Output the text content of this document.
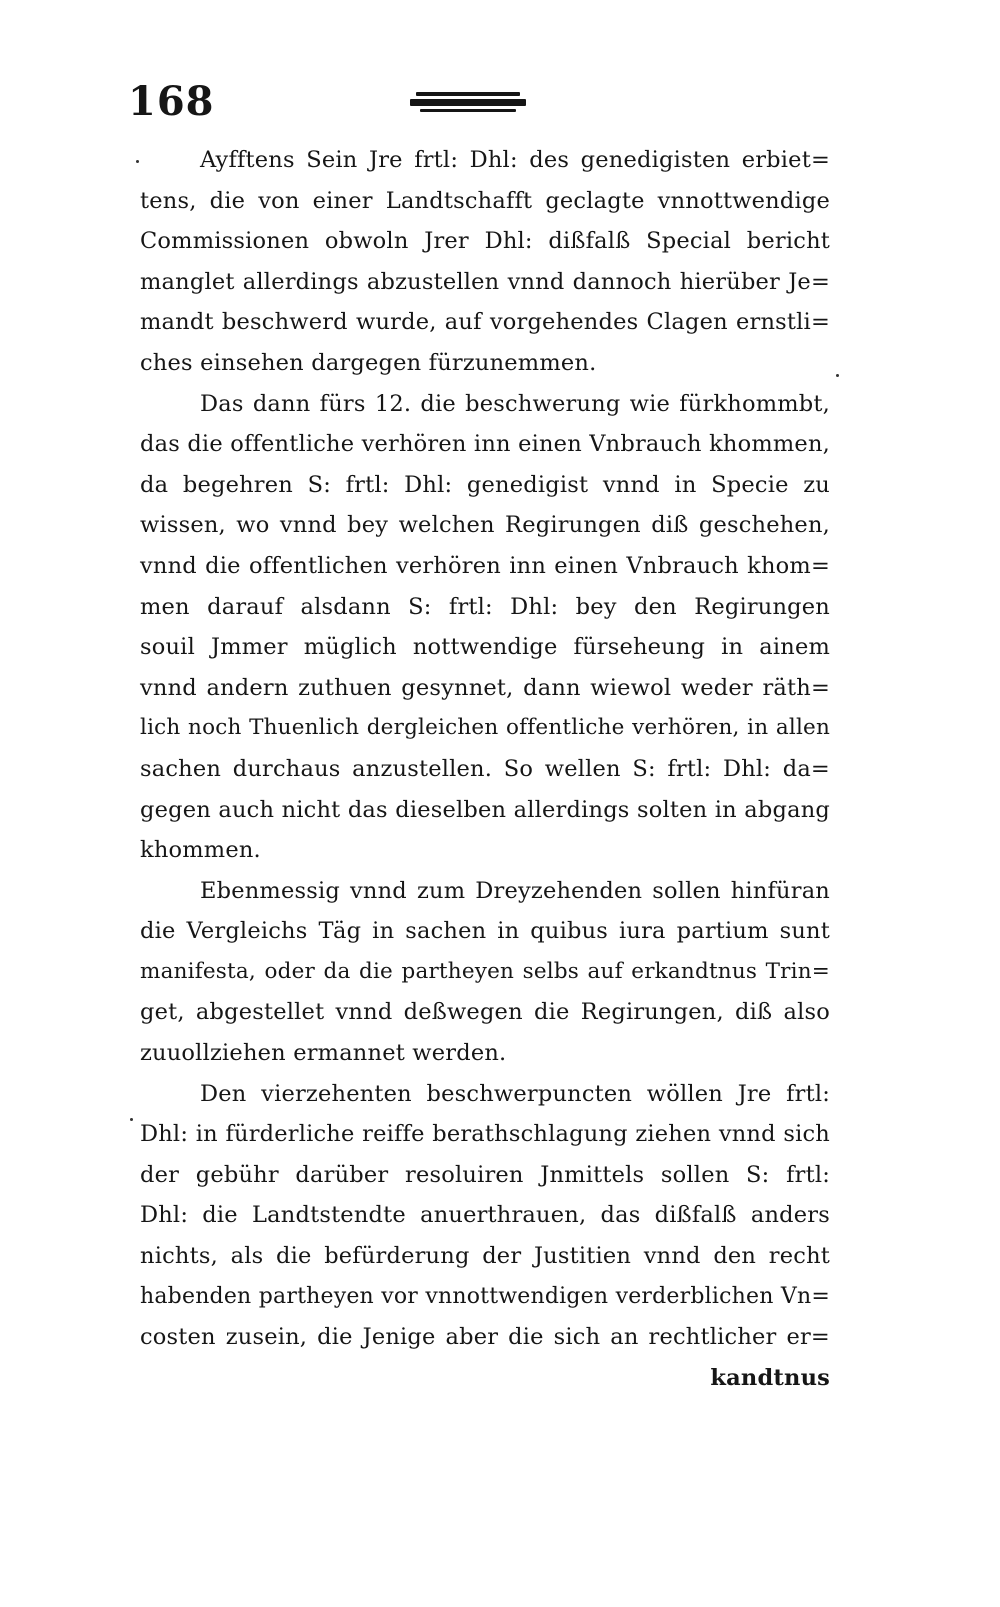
168
Ayfftens Sein Jre frtl: Dhl: des genedigisten erbiet=
tens, die von einer Landtschafft geclagte vnnottwendige
Commissionen obwoln Jrer Dhl: dißfalß Special bericht
manglet allerdings abzustellen vnnd dannoch hierüber Je=
mandt beschwerd wurde, auf vorgehendes Clagen ernstli=
ches einsehen dargegen fürzunemmen.
Das dann fürs 12. die beschwerung wie fürkhommbt,
das die offentliche verhören inn einen Vnbrauch khommen,
da begehren S: frtl: Dhl: genedigist vnnd in Specie zu
wissen, wo vnnd bey welchen Regirungen diß geschehen,
vnnd die offentlichen verhören inn einen Vnbrauch khom=
men darauf alsdann S: frtl: Dhl: bey den Regirungen
souil Jmmer müglich nottwendige fürseheung in ainem
vnnd andern zuthuen gesynnet, dann wiewol weder räth=
lich noch Thuenlich dergleichen offentliche verhören, in allen
sachen durchaus anzustellen. So wellen S: frtl: Dhl: da=
gegen auch nicht das dieselben allerdings solten in abgang
khommen.
Ebenmessig vnnd zum Dreyzehenden sollen hinfüran
die Vergleichs Täg in sachen in quibus iura partium sunt
manifesta, oder da die partheyen selbs auf erkandtnus Trin=
get, abgestellet vnnd deßwegen die Regirungen, diß also
zuuollziehen ermannet werden.
Den vierzehenten beschwerpuncten wöllen Jre frtl:
Dhl: in fürderliche reiffe berathschlagung ziehen vnnd sich
der gebühr darüber resoluiren Jnmittels sollen S: frtl:
Dhl: die Landtstendte anuerthrauen, das dißfalß anders
nichts, als die befürderung der Justitien vnnd den recht
habenden partheyen vor vnnottwendigen verderblichen Vn=
costen zusein, die Jenige aber die sich an rechtlicher er=
kandtnus
